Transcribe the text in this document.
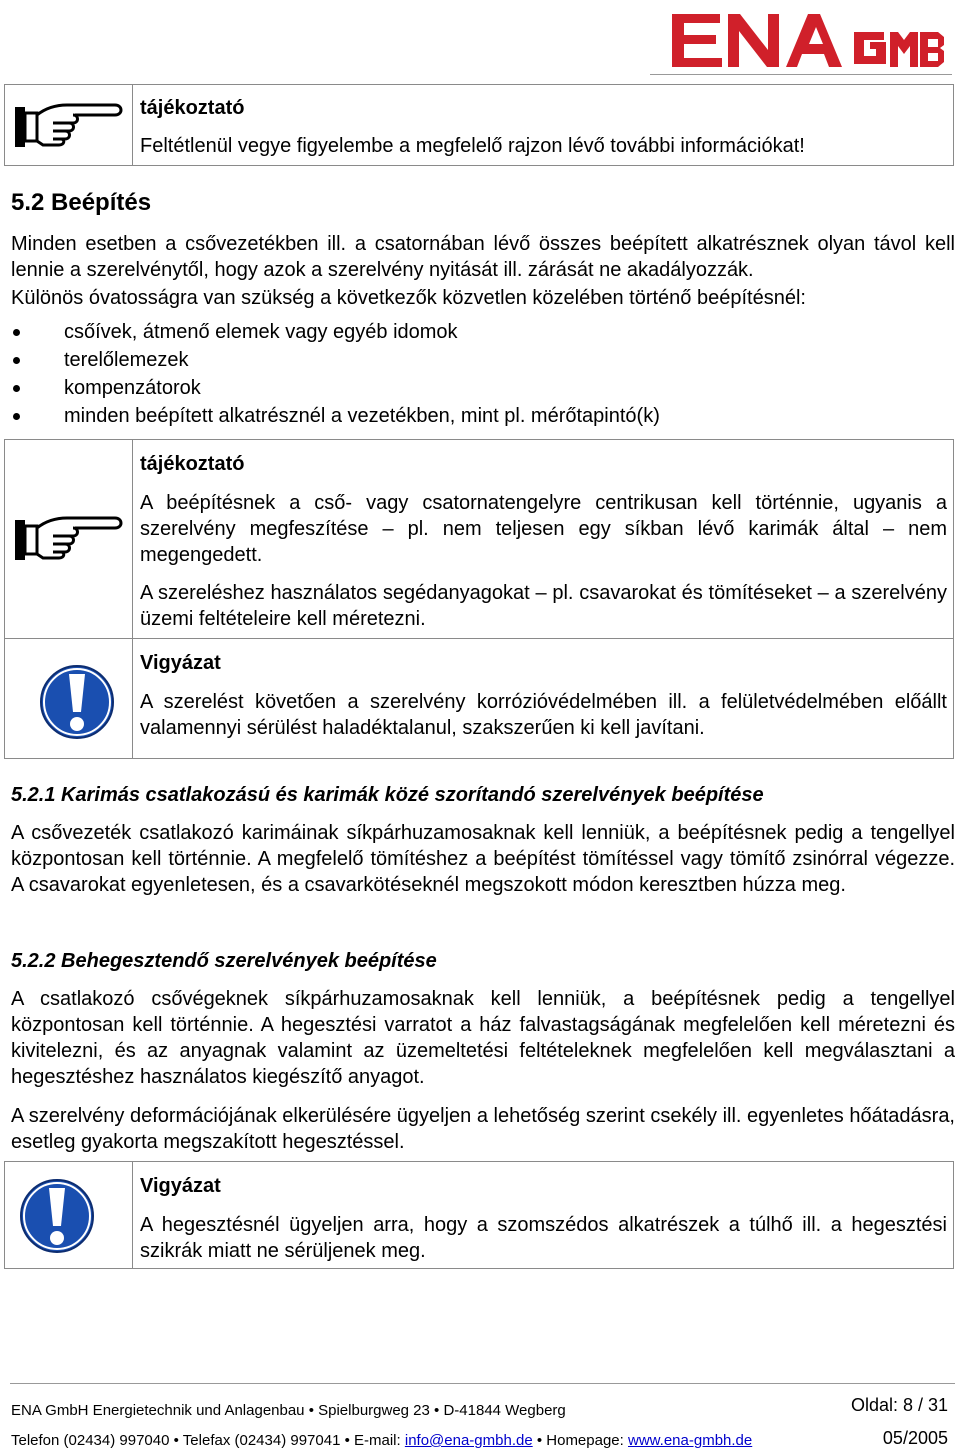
tájékoztató
Feltétlenül vegye figyelembe a megfelelő rajzon lévő további információkat!
5.2 Beépítés
Minden esetben a csővezetékben ill. a csatornában lévő összes beépített alkatrésznek olyan távol kell lennie a szerelvénytől, hogy azok a szerelvény nyitását ill. zárását ne akadályozzák.
Különös óvatosságra van szükség a következők közvetlen közelében történő beépítésnél:
csőívek, átmenő elemek vagy egyéb idomok
terelőlemezek
kompenzátorok
minden beépített alkatrésznél a vezetékben, mint pl. mérőtapintó(k)
tájékoztató
A beépítésnek a cső- vagy csatornatengelyre centrikusan kell történnie, ugyanis a szerelvény megfeszítése – pl. nem teljesen egy síkban lévő karimák által – nem megengedett.
A szereléshez használatos segédanyagokat – pl. csavarokat és tömítéseket – a szerelvény üzemi feltételeire kell méretezni.
Vigyázat
A szerelést követően a szerelvény korrózióvédelmében ill. a felületvédelmében előállt valamennyi sérülést haladéktalanul, szakszerűen ki kell javítani.
5.2.1 Karimás csatlakozású és karimák közé szorítandó szerelvények beépítése
A csővezeték csatlakozó karimáinak síkpárhuzamosaknak kell lenniük, a beépítésnek pedig a tengellyel központosan kell történnie. A megfelelő tömítéshez a beépítést tömítéssel vagy tömítő zsinórral végezze. A csavarokat egyenletesen, és a csavarkötéseknél megszokott módon keresztben húzza meg.
5.2.2 Behegesztendő szerelvények beépítése
A csatlakozó csővégeknek síkpárhuzamosaknak kell lenniük, a beépítésnek pedig a tengellyel központosan kell történnie. A hegesztési varratot a ház falvastagságának megfelelően kell méretezni és kivitelezni, és az anyagnak valamint az üzemeltetési feltételeknek megfelelően kell megválasztani a hegesztéshez használatos kiegészítő anyagot.
A szerelvény deformációjának elkerülésére ügyeljen a lehetőség szerint csekély ill. egyenletes hőátadásra, esetleg gyakorta megszakított hegesztéssel.
Vigyázat
A hegesztésnél ügyeljen arra, hogy a szomszédos alkatrészek a túlhő ill. a hegesztési szikrák miatt ne sérüljenek meg.
ENA GmbH Energietechnik und Anlagenbau • Spielburgweg 23 • D-41844 Wegberg
Telefon (02434) 997040 • Telefax (02434) 997041 • E-mail: info@ena-gmbh.de • Homepage: www.ena-gmbh.de
Oldal: 8 / 31
05/2005
